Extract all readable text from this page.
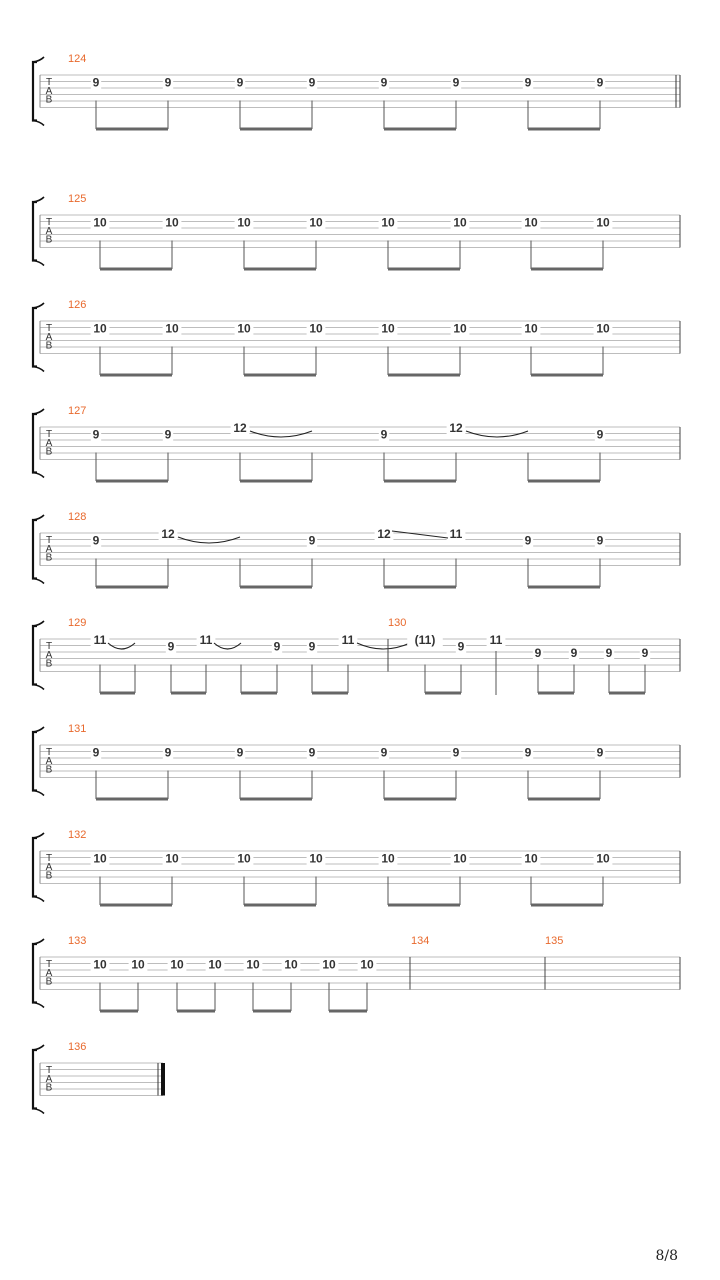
T
A
B
124
9	9	9	9	9	9	9	9
T
A
B
125
10	10	10	10	10	10	10	10
T
A
B
126
10	10	10	10	10	10	10	10
T
A
B
127
9	9	12	9	12	9
T
A
B
128
9	12	9	12	11	9	9
T
A
B
129
11	9 11	9 9 11
130
(11) 9 11
9 9 9 9
T
A
B
131
9	9	9	9	9	9	9	9
T
A
B
132
10	10	10	10	10	10	10	10
T
A
B
133
10 10 10 10 10 10 10 10
134	135
T
A
B
136
8/8
